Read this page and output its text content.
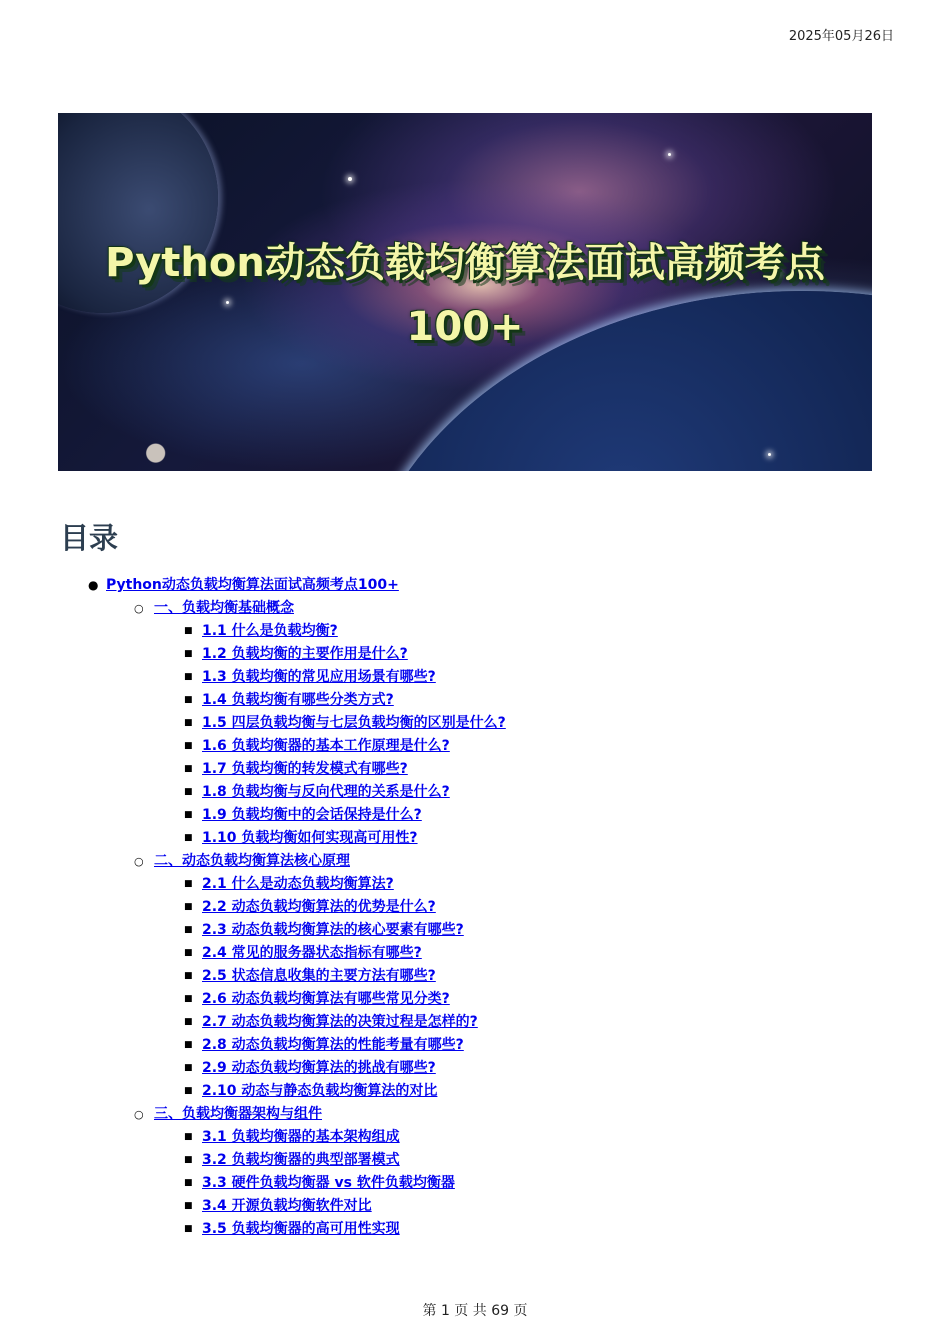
2025年05月26日
Python动态负载均衡算法面试高频考点100+
目录
● Python动态负载均衡算法面试高频考点100+
○ 一、负载均衡基础概念
■ 1.1 什么是负载均衡?
■ 1.2 负载均衡的主要作用是什么?
■ 1.3 负载均衡的常见应用场景有哪些?
■ 1.4 负载均衡有哪些分类方式?
■ 1.5 四层负载均衡与七层负载均衡的区别是什么?
■ 1.6 负载均衡器的基本工作原理是什么?
■ 1.7 负载均衡的转发模式有哪些?
■ 1.8 负载均衡与反向代理的关系是什么?
■ 1.9 负载均衡中的会话保持是什么?
■ 1.10 负载均衡如何实现高可用性?
○ 二、动态负载均衡算法核心原理
■ 2.1 什么是动态负载均衡算法?
■ 2.2 动态负载均衡算法的优势是什么?
■ 2.3 动态负载均衡算法的核心要素有哪些?
■ 2.4 常见的服务器状态指标有哪些?
■ 2.5 状态信息收集的主要方法有哪些?
■ 2.6 动态负载均衡算法有哪些常见分类?
■ 2.7 动态负载均衡算法的决策过程是怎样的?
■ 2.8 动态负载均衡算法的性能考量有哪些?
■ 2.9 动态负载均衡算法的挑战有哪些?
■ 2.10 动态与静态负载均衡算法的对比
○ 三、负载均衡器架构与组件
■ 3.1 负载均衡器的基本架构组成
■ 3.2 负载均衡器的典型部署模式
■ 3.3 硬件负载均衡器 vs 软件负载均衡器
■ 3.4 开源负载均衡软件对比
■ 3.5 负载均衡器的高可用性实现
第 1 页 共 69 页
